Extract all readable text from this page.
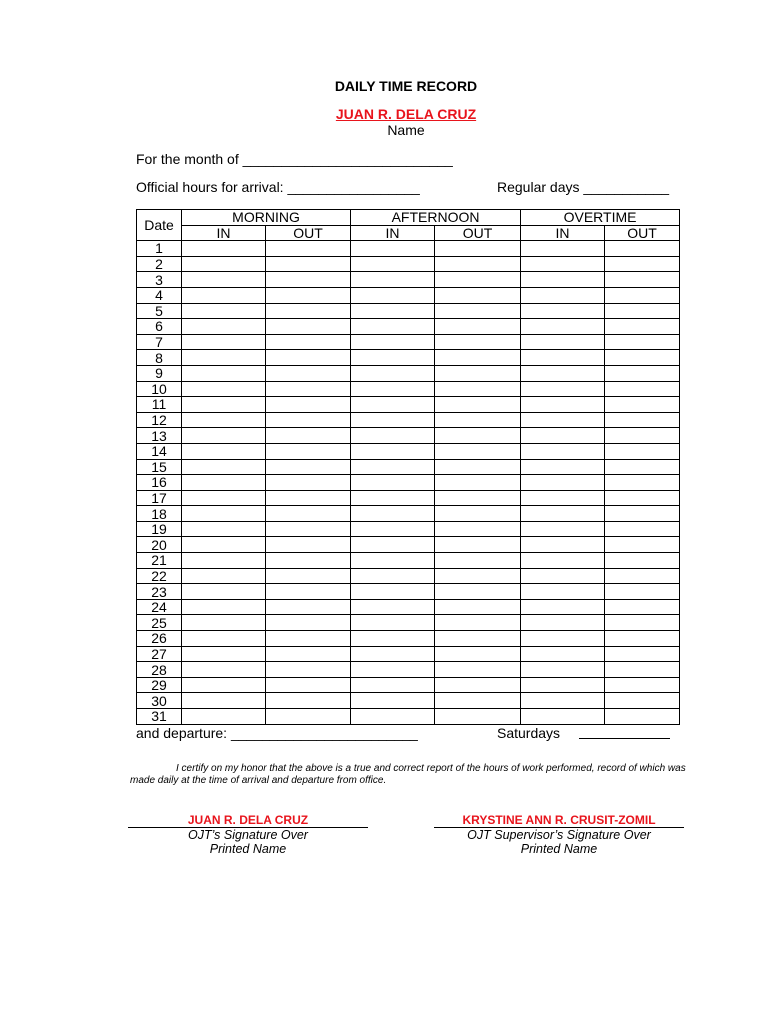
DAILY TIME RECORD
JUAN R. DELA CRUZ
Name
For the month of ___________________________
Official hours for arrival: _________________	Regular days ___________
Date	MORNING		AFTERNOON		OVERTIME	
	IN	OUT	IN	OUT	IN	OUT
1						
2						
3						
4						
5						
6						
7						
8						
9						
10						
11						
12						
13						
14						
15						
16						
17						
18						
19						
20						
21						
22						
23						
24						
25						
26						
27						
28						
29						
30						
31						
and departure: ________________________	Saturdays
I certify on my honor that the above is a true and correct report of the hours of work performed, record of which was made daily at the time of arrival and departure from office.
JUAN R. DELA CRUZ
OJT’s Signature Over
Printed Name
KRYSTINE ANN R. CRUSIT-ZOMIL
OJT Supervisor’s Signature Over
Printed Name
